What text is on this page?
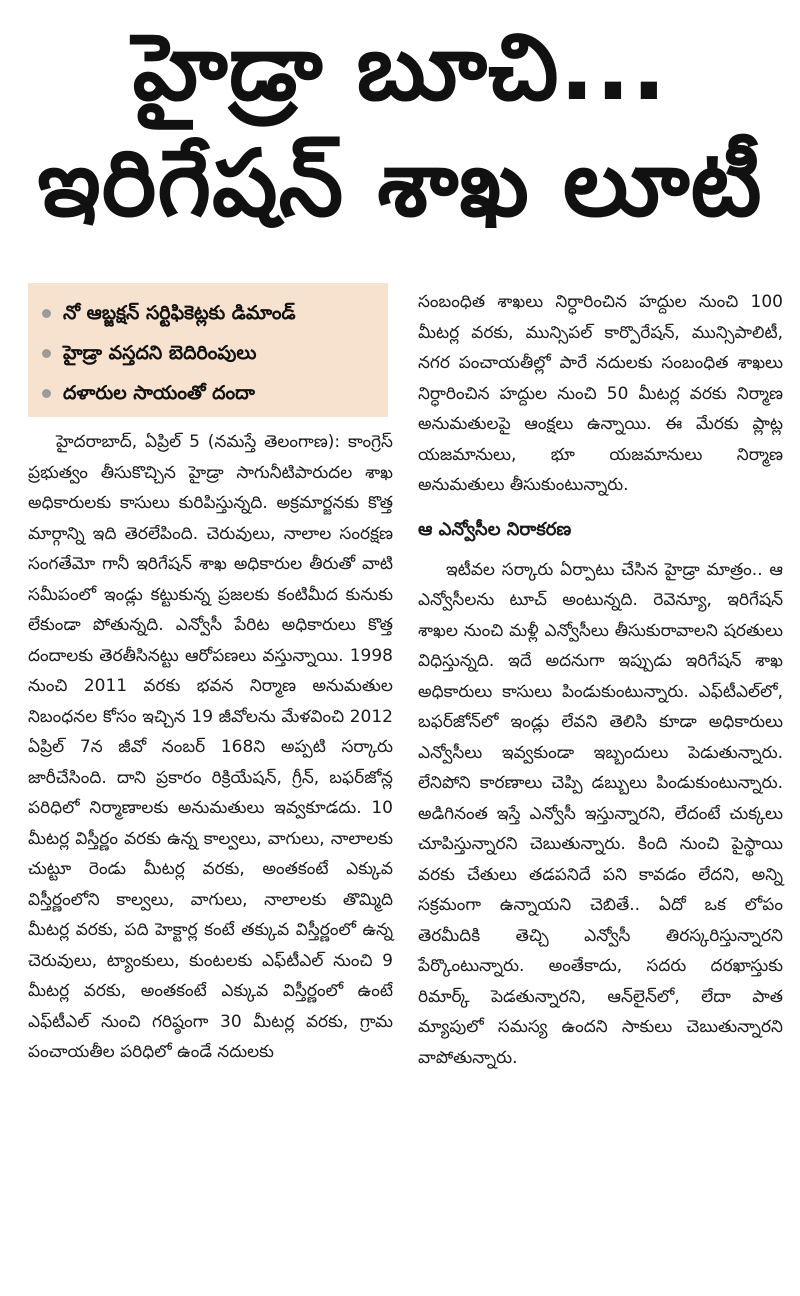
హైడ్రా బూచి...
ఇరిగేషన్ శాఖ లూటీ
నో ఆబ్జక్షన్ సర్టిఫికెట్లకు డిమాండ్
హైడ్రా వస్తదని బెదిరింపులు
దళారుల సాయంతో దందా

హైదరాబాద్, ఏప్రిల్ 5 (నమస్తే తెలంగాణ): కాంగ్రెస్ ప్రభుత్వం తీసుకొచ్చిన హైడ్రా సాగునీటిపారుదల శాఖ అధికారులకు కాసులు కురిపిస్తున్నది. అక్రమార్జనకు కొత్త మార్గాన్ని ఇది తెరలేపింది. చెరువులు, నాలాల సంరక్షణ సంగతేమో గానీ ఇరిగేషన్ శాఖ అధికారుల తీరుతో వాటి సమీపంలో ఇండ్లు కట్టుకున్న ప్రజలకు కంటిమీద కునుకు లేకుండా పోతున్నది. ఎన్వోసీ పేరిట అధికారులు కొత్త దందాలకు తెరతీసినట్టు ఆరోపణలు వస్తున్నాయి. 1998 నుంచి 2011 వరకు భవన నిర్మాణ అనుమతుల నిబంధనల కోసం ఇచ్చిన 19 జీవోలను మేళవించి 2012 ఏప్రిల్ 7న జీవో నంబర్ 168ని అప్పటి సర్కారు జారీచేసింది. దాని ప్రకారం రిక్రియేషన్, గ్రీన్, బఫర్‌జోన్ల పరిధిలో నిర్మాణాలకు అనుమతులు ఇవ్వకూడదు. 10 మీటర్ల విస్తీర్ణం వరకు ఉన్న కాల్వలు, వాగులు, నాలాలకు చుట్టూ రెండు మీటర్ల వరకు, అంతకంటే ఎక్కువ విస్తీర్ణంలోని కాల్వలు, వాగులు, నాలాలకు తొమ్మిది మీటర్ల వరకు, పది హెక్టార్ల కంటే తక్కువ విస్తీర్ణంలో ఉన్న చెరువులు, ట్యాంకులు, కుంటలకు ఎఫ్‌టీఎల్ నుంచి 9 మీటర్ల వరకు, అంతకంటే ఎక్కువ విస్తీర్ణంలో ఉంటే ఎఫ్‌టీఎల్ నుంచి గరిష్ఠంగా 30 మీటర్ల వరకు, గ్రామ పంచాయతీల పరిధిలో ఉండే నదులకు

సంబంధిత శాఖలు నిర్ధారించిన హద్దుల నుంచి 100 మీటర్ల వరకు, మున్సిపల్ కార్పొరేషన్, మున్సిపాలిటీ, నగర పంచాయతీల్లో పారే నదులకు సంబంధిత శాఖలు నిర్ధారించిన హద్దుల నుంచి 50 మీటర్ల వరకు నిర్మాణ అనుమతులపై ఆంక్షలు ఉన్నాయి. ఈ మేరకు ప్లాట్ల యజమానులు, భూ యజమానులు నిర్మాణ అనుమతులు తీసుకుంటున్నారు.

ఆ ఎన్వోసీల నిరాకరణ

ఇటీవల సర్కారు ఏర్పాటు చేసిన హైడ్రా మాత్రం.. ఆ ఎన్వోసీలను టూచ్ అంటున్నది. రెవెన్యూ, ఇరిగేషన్ శాఖల నుంచి మళ్లీ ఎన్వోసీలు తీసుకురావాలని షరతులు విధిస్తున్నది. ఇదే అదనుగా ఇప్పుడు ఇరిగేషన్ శాఖ అధికారులు కాసులు పిండుకుంటున్నారు. ఎఫ్‌టీఎల్‌లో, బఫర్‌జోన్‌లో ఇండ్లు లేవని తెలిసి కూడా అధికారులు ఎన్వోసీలు ఇవ్వకుండా ఇబ్బందులు పెడుతున్నారు. లేనిపోని కారణాలు చెప్పి డబ్బులు పిండుకుంటున్నారు. అడిగినంత ఇస్తే ఎన్వోసీ ఇస్తున్నారని, లేదంటే చుక్కలు చూపిస్తున్నారని చెబుతున్నారు. కింది నుంచి పైస్థాయి వరకు చేతులు తడపనిదే పని కావడం లేదని, అన్ని సక్రమంగా ఉన్నాయని చెబితే.. ఏదో ఒక లోపం తెరమీదికి తెచ్చి ఎన్వోసీ తిరస్కరిస్తున్నారని పేర్కొంటున్నారు. అంతేకాదు, సదరు దరఖాస్తుకు రిమార్క్ పెడతున్నారని, ఆన్‌లైన్‌లో, లేదా పాత మ్యాపులో సమస్య ఉందని సాకులు చెబుతున్నారని వాపోతున్నారు.
